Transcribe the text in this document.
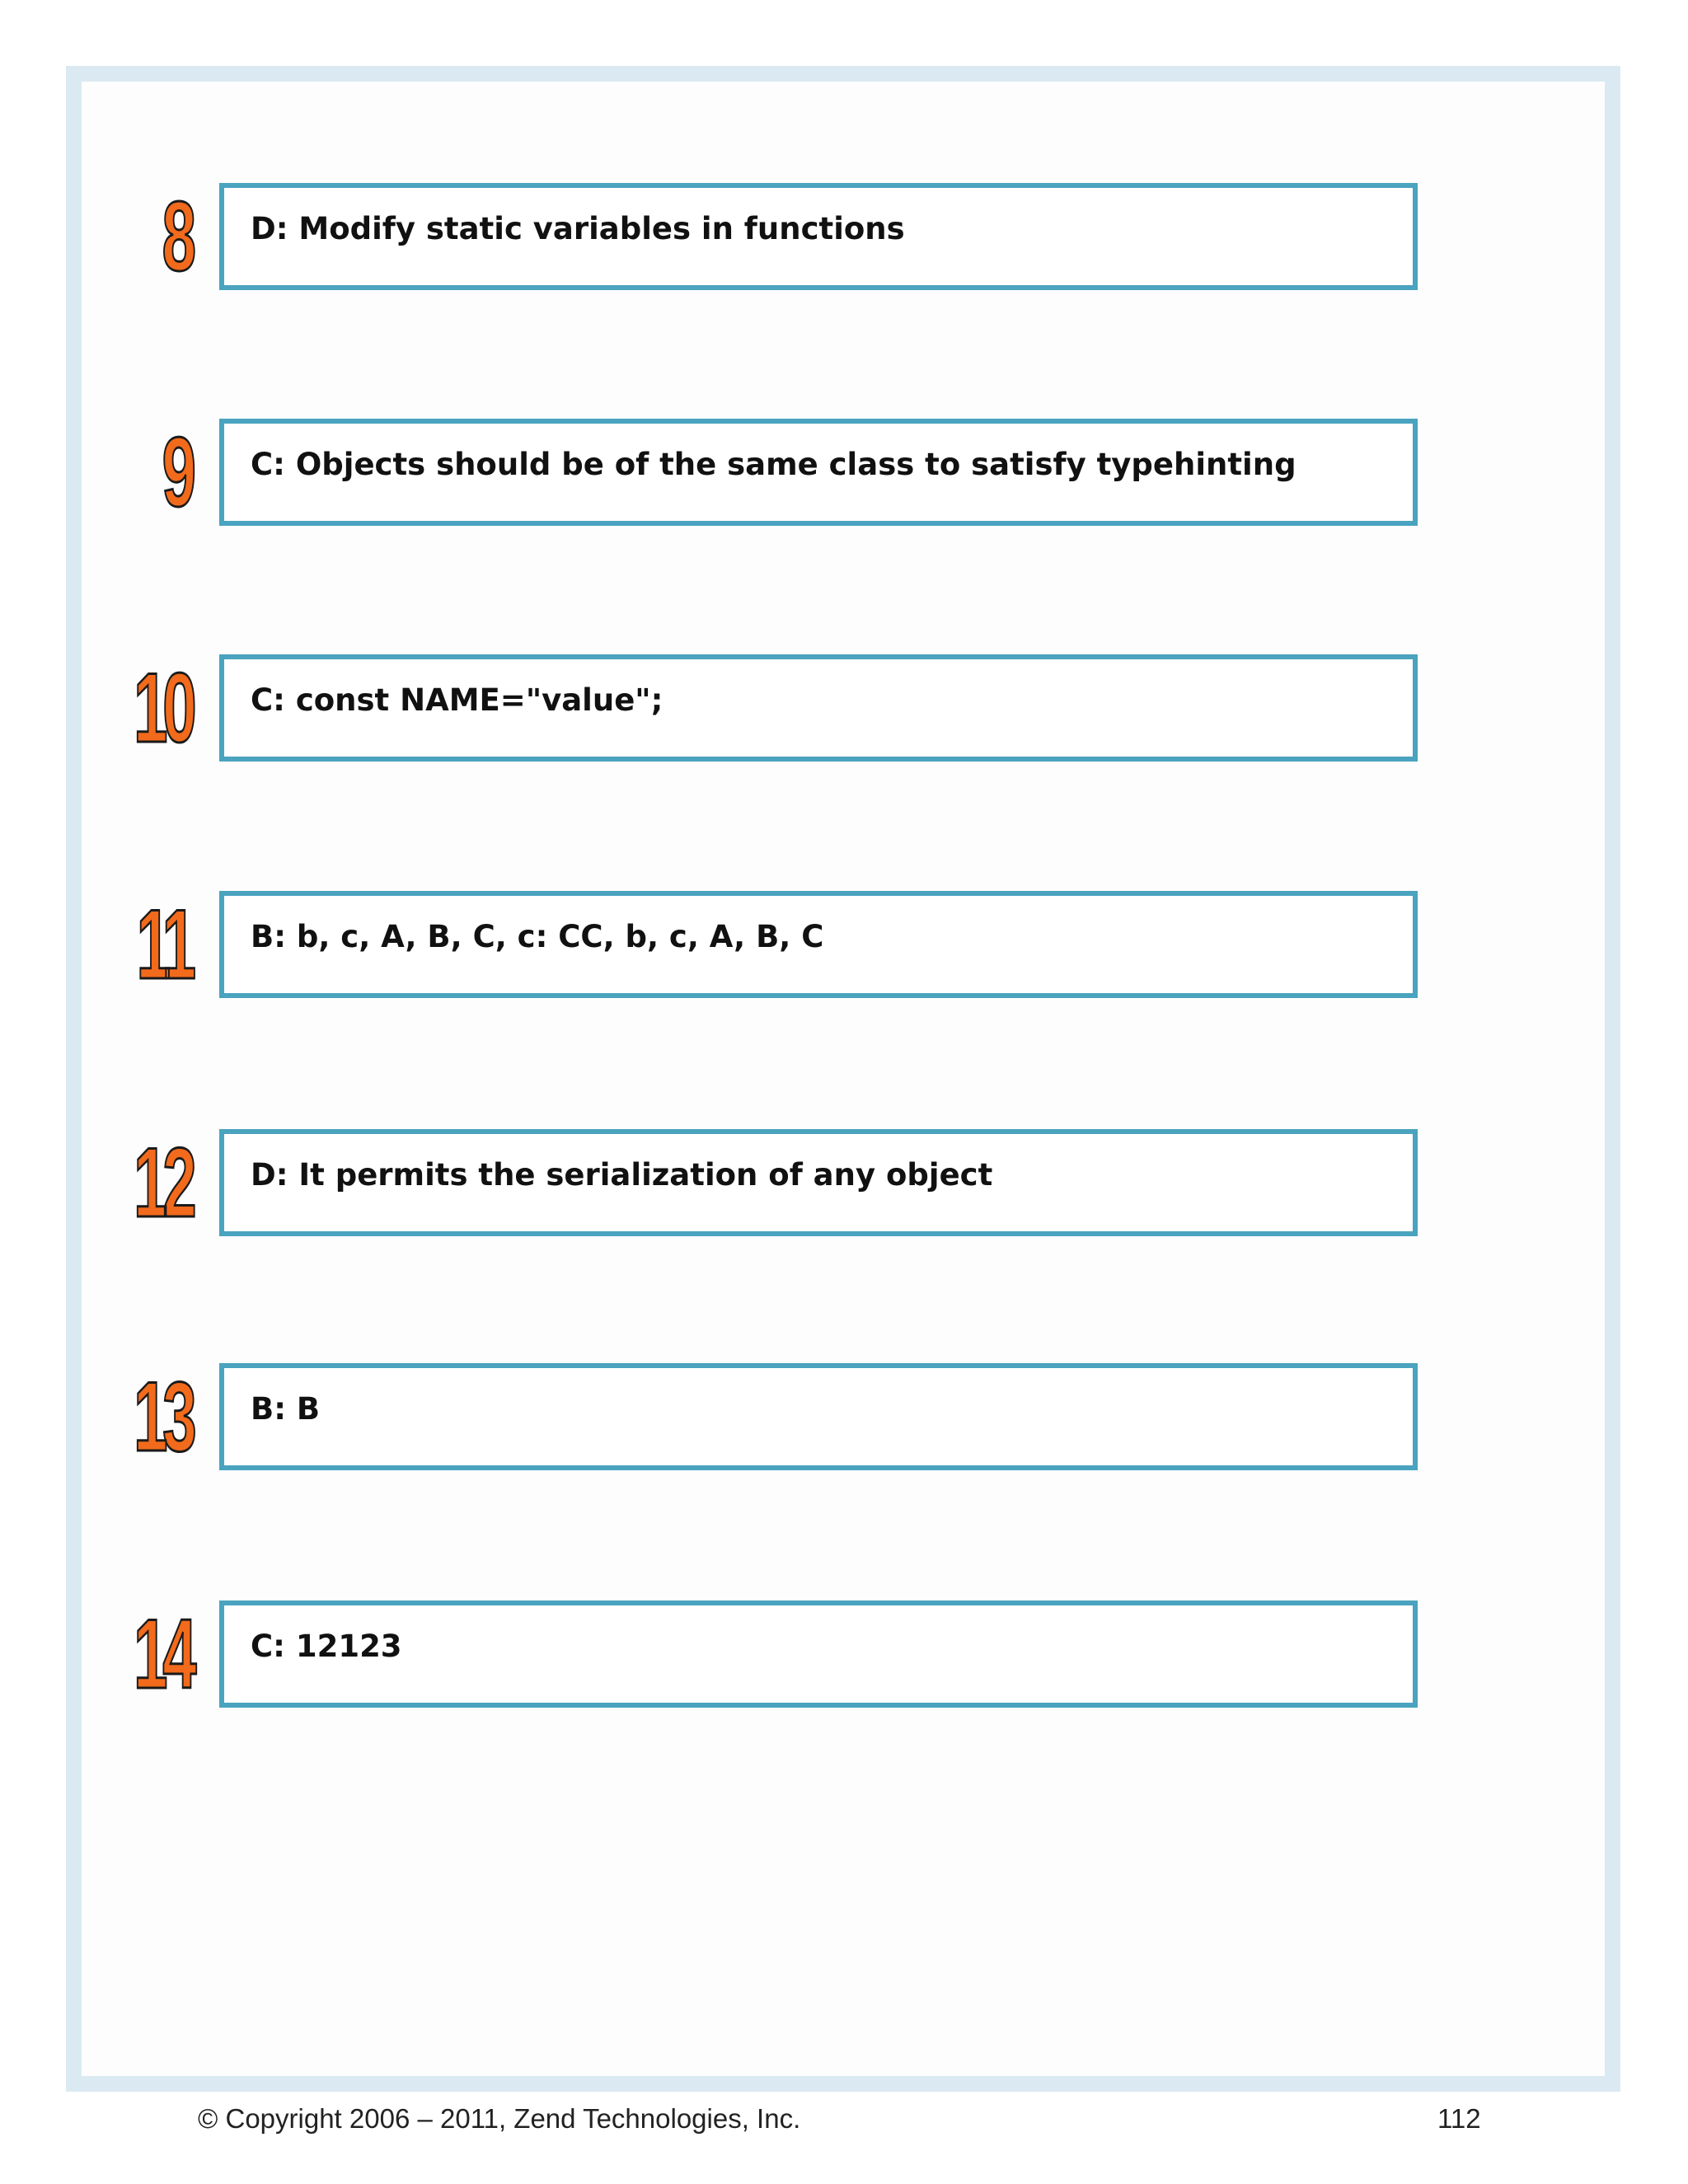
8 D: Modify static variables in functions
9 C: Objects should be of the same class to satisfy typehinting
10 C: const NAME="value";
11 B: b, c, A, B, C, c: CC, b, c, A, B, C
12 D: It permits the serialization of any object
13 B: B
14 C: 12123
© Copyright 2006 – 2011, Zend Technologies, Inc.	112
